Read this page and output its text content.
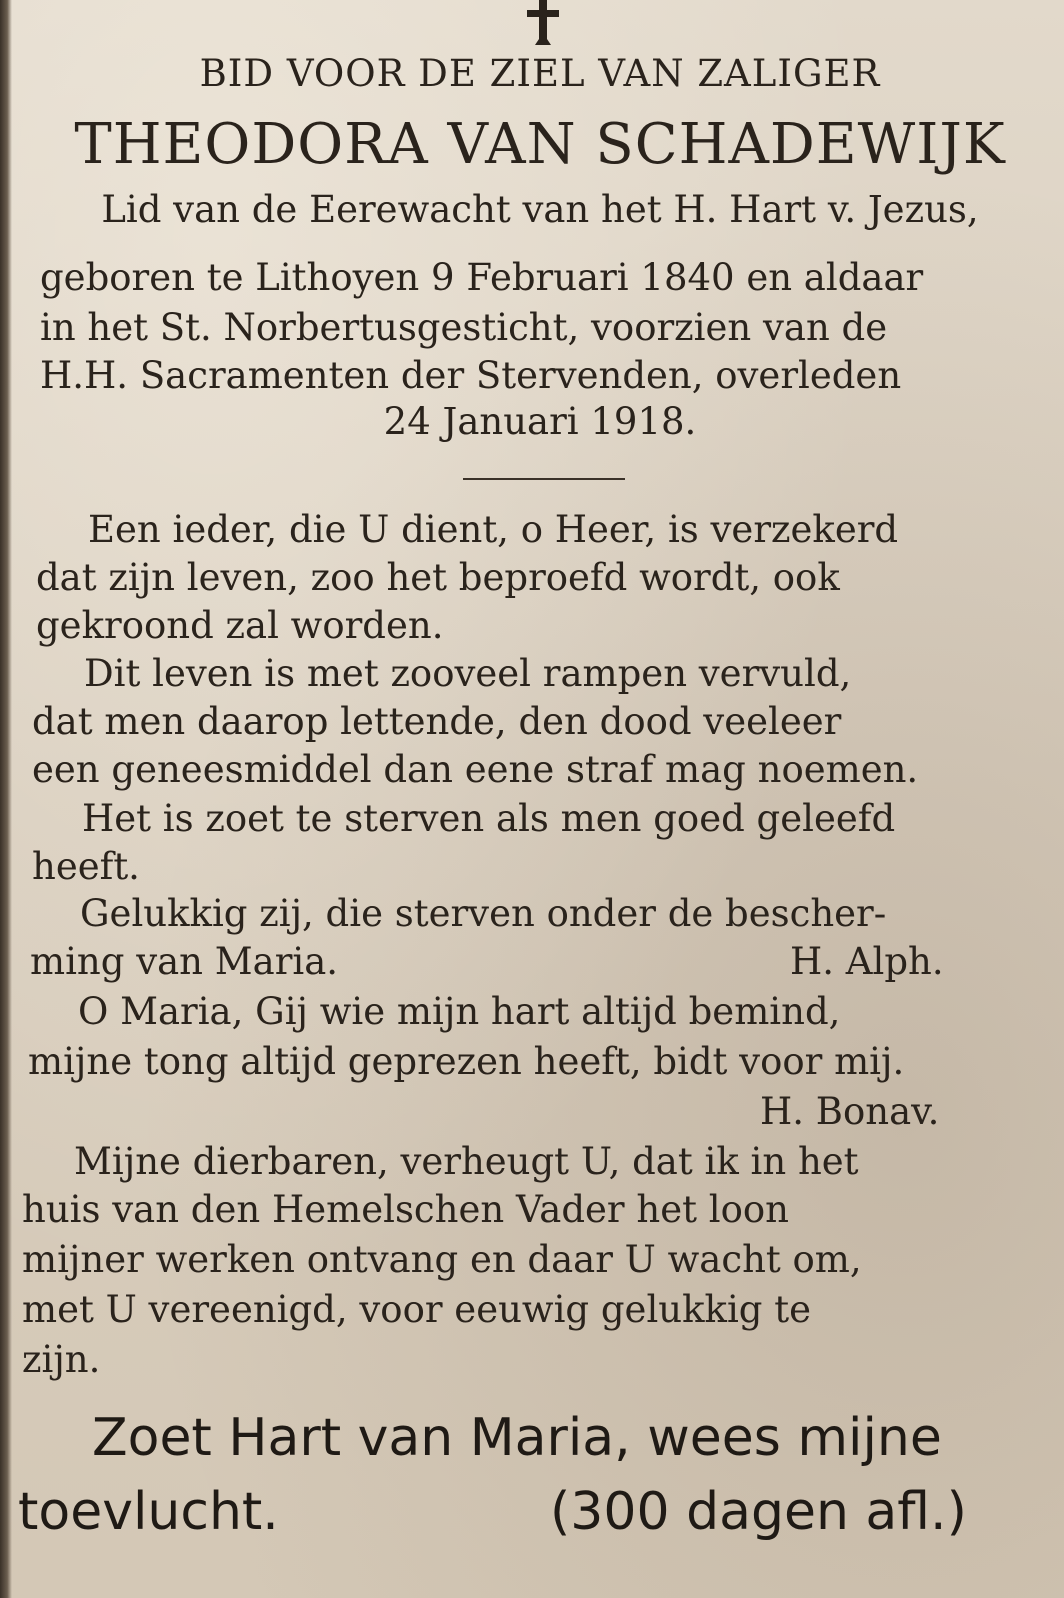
BID VOOR DE ZIEL VAN ZALIGER
THEODORA VAN SCHADEWIJK
Lid van de Eerewacht van het H. Hart v. Jezus,
geboren te Lithoyen 9 Februari 1840 en aldaar
in het St. Norbertusgesticht, voorzien van de
H.H. Sacramenten der Stervenden, overleden
24 Januari 1918.
Een ieder, die U dient, o Heer, is verzekerd
dat zijn leven, zoo het beproefd wordt, ook
gekroond zal worden.
Dit leven is met zooveel rampen vervuld,
dat men daarop lettende, den dood veeleer
een geneesmiddel dan eene straf mag noemen.
Het is zoet te sterven als men goed geleefd
heeft.
Gelukkig zij, die sterven onder de bescher-
ming van Maria.	H. Alph.
O Maria, Gij wie mijn hart altijd bemind,
mijne tong altijd geprezen heeft, bidt voor mij.
H. Bonav.
Mijne dierbaren, verheugt U, dat ik in het
huis van den Hemelschen Vader het loon
mijner werken ontvang en daar U wacht om,
met U vereenigd, voor eeuwig gelukkig te
zijn.
Zoet Hart van Maria, wees mijne
toevlucht.	(300 dagen afl.)
